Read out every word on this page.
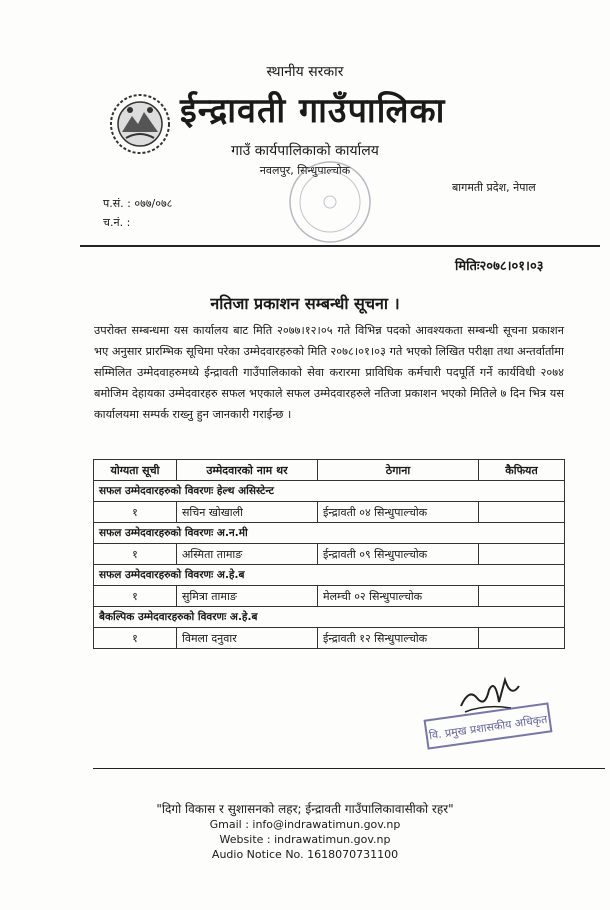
स्थानीय सरकार
ईन्द्रावती गाउँपालिका
गाउँ कार्यपालिकाको कार्यालय
नवलपुर, सिन्धुपाल्चोक
बागमती प्रदेश, नेपाल
प.सं. : ०७७/०७८
च.नं. :
मितिः२०७८।०१।०३
नतिजा प्रकाशन सम्बन्धी सूचना ।
उपरोक्त सम्बन्धमा यस कार्यालय बाट मिति २०७७।१२।०५ गते विभिन्न पदको आवश्यकता सम्बन्धी सूचना प्रकाशन भए अनुसार प्रारम्भिक सूचिमा परेका उम्मेदवारहरुको मिति २०७८।०१।०३ गते भएको लिखित परीक्षा तथा अन्तर्वार्तामा सम्मिलित उम्मेदवाहरुमध्ये ईन्द्रावती गाउँपालिकाको सेवा करारमा प्राविधिक कर्मचारी पदपूर्ति गर्ने कार्यविधी २०७४ बमोजिम देहायका उम्मेदवारहरु सफल भएकाले सफल उम्मेदवारहरुले नतिजा प्रकाशन भएको मितिले ७ दिन भित्र यस कार्यालयमा सम्पर्क राख्नु हुन जानकारी गराईन्छ ।
योग्यता सूची	उम्मेदवारको नाम थर	ठेगाना	कैफियत
सफल उम्मेदवारहरुको विवरणः हेल्थ असिस्टेन्ट			
१	सचिन खोखाली	ईन्द्रावती ०४ सिन्धुपाल्चोक	
सफल उम्मेदवारहरुको विवरणः अ.न.मी			
१	अस्मिता तामाङ	ईन्द्रावती ०९ सिन्धुपाल्चोक	
सफल उम्मेदवारहरुको विवरणः अ.हे.ब			
१	सुमित्रा तामाङ	मेलम्ची ०२ सिन्धुपाल्चोक	
बैकल्पिक उम्मेदवारहरुको विवरणः अ.हे.ब			
१	विमला दनुवार	ईन्द्रावती १२ सिन्धुपाल्चोक	
वि. प्रमुख प्रशासकीय अधिकृत
"दिगो विकास र सुशासनको लहर; ईन्द्रावती गाउँपालिकावासीको रहर"
Gmail : info@indrawatimun.gov.np
Website : indrawatimun.gov.np
Audio Notice No. 1618070731100
